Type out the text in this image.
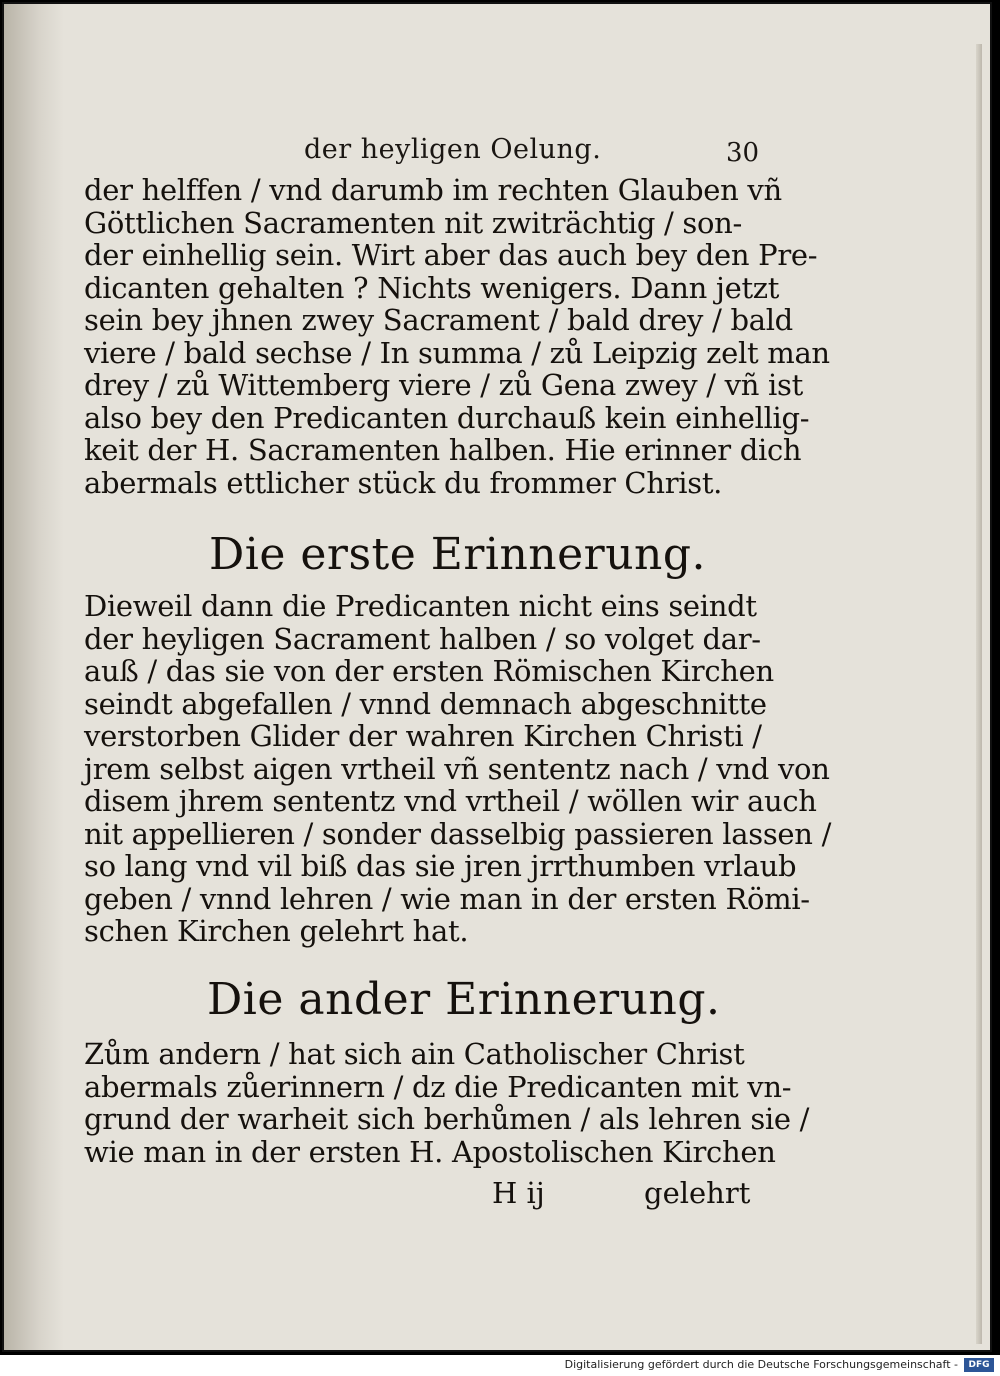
der heyligen Oelung.	30
der helffen / vnd darumb im rechten Glauben vñ
Göttlichen Sacramenten nit zwiträchtig / son-
der einhellig sein. Wirt aber das auch bey den Pre-
dicanten gehalten ? Nichts wenigers. Dann jetzt
sein bey jhnen zwey Sacrament / bald drey / bald
viere / bald sechse / In summa / zů Leipzig zelt man
drey / zů Wittemberg viere / zů Gena zwey / vñ ist
also bey den Predicanten durchauß kein einhellig-
keit der H. Sacramenten halben. Hie erinner dich
abermals ettlicher stück du frommer Christ.
Die erste Erinnerung.
Dieweil dann die Predicanten nicht eins seindt
der heyligen Sacrament halben / so volget dar-
auß / das sie von der ersten Römischen Kirchen
seindt abgefallen / vnnd demnach abgeschnitte
verstorben Glider der wahren Kirchen Christi /
jrem selbst aigen vrtheil vñ sententz nach / vnd von
disem jhrem sententz vnd vrtheil / wöllen wir auch
nit appellieren / sonder dasselbig passieren lassen /
so lang vnd vil biß das sie jren jrrthumben vrlaub
geben / vnnd lehren / wie man in der ersten Römi-
schen Kirchen gelehrt hat.
Die ander Erinnerung.
Zům andern / hat sich ain Catholischer Christ
abermals zůerinnern / dz die Predicanten mit vn-
grund der warheit sich berhůmen / als lehren sie /
wie man in der ersten H. Apostolischen Kirchen
H ij	gelehrt
Digitalisierung gefördert durch die Deutsche Forschungsgemeinschaft -	DFG
